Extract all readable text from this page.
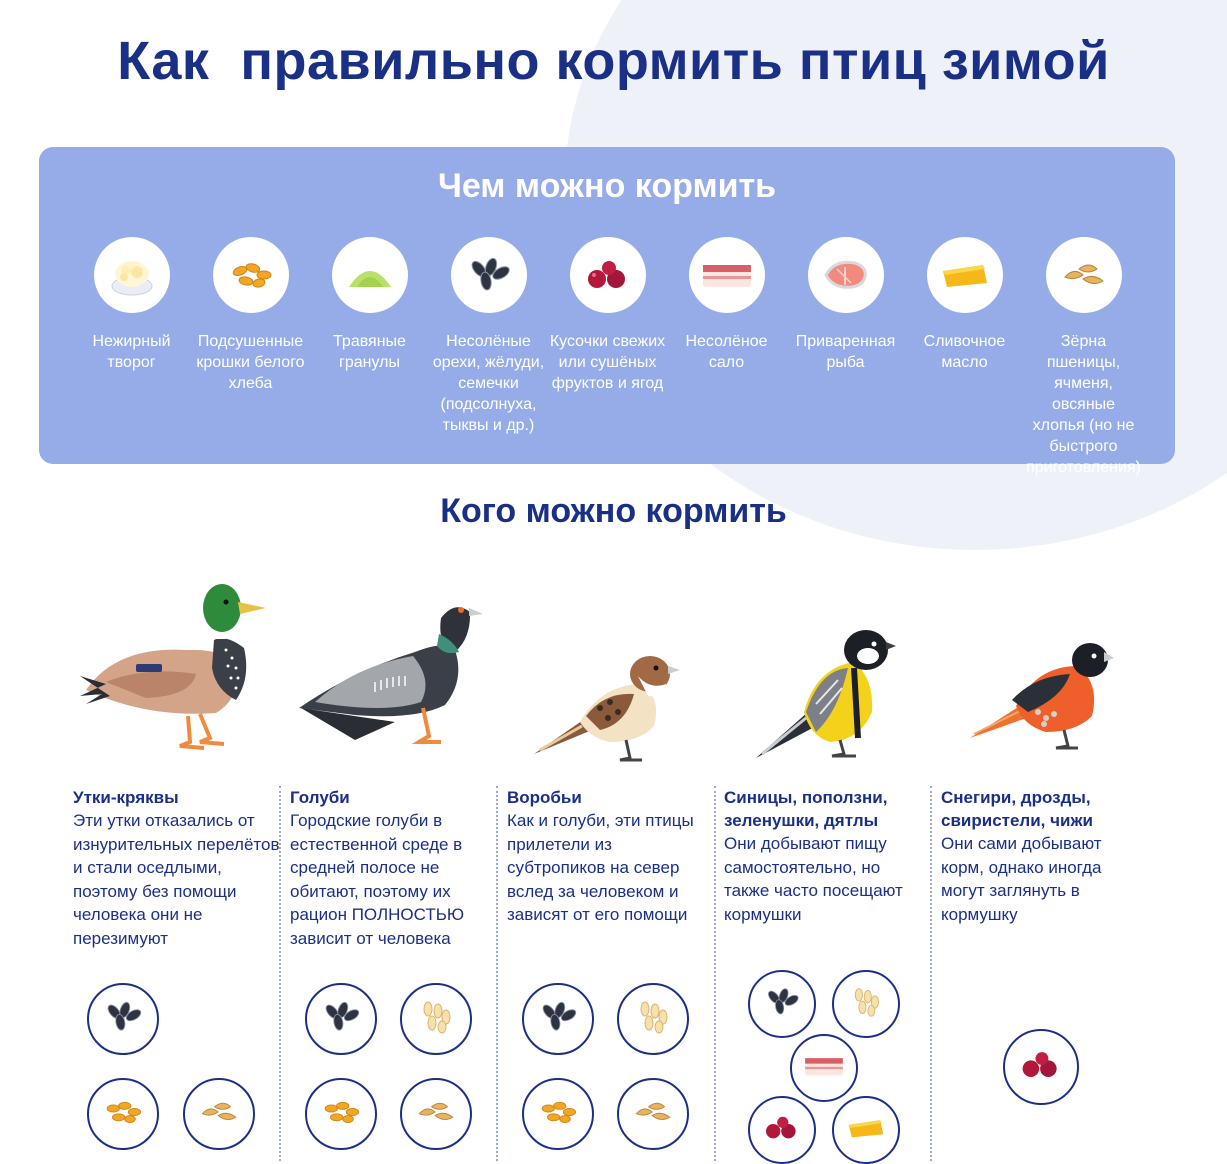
Как  правильно кормить птиц зимой
Чем можно кормить
Нежирный творог
Подсушенные крошки белого хлеба
Травяные гранулы
Несолёные орехи, жёлуди, семечки (подсолнуха, тыквы и др.)
Кусочки свежих или сушёных фруктов и ягод
Несолёное сало
Приваренная рыба
Сливочное масло
Зёрна пшеницы, ячменя, овсяные хлопья (но не быстрого приготовления)
Кого можно кормить
Утки-кряквы
Эти утки отказались от изнурительных перелётов и стали оседлыми, поэтому без помощи человека они не перезимуют
Голуби
Городские голуби в естественной среде в средней полосе не обитают, поэтому их рацион ПОЛНОСТЬЮ зависит от человека
Воробьи
Как и голуби, эти птицы прилетели из субтропиков на север вслед за человеком и зависят от его помощи
Синицы, поползни, зеленушки, дятлы
Они добывают пищу самостоятельно, но также часто посещают кормушки
Снегири, дрозды, свиристели, чижи
Они сами добывают корм, однако иногда могут заглянуть в кормушку
